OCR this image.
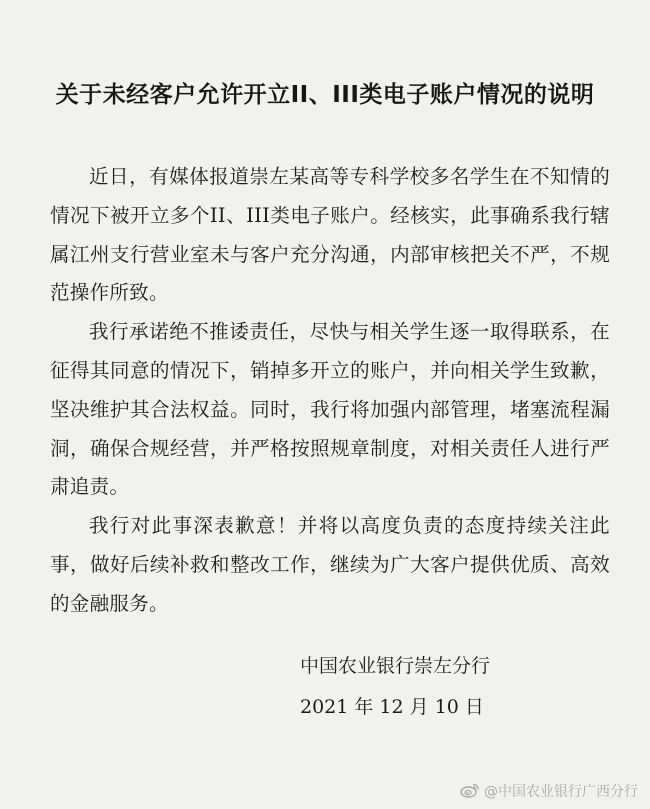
关于未经客户允许开立II、III类电子账户情况的说明

近日，有媒体报道崇左某高等专科学校多名学生在不知情的情况下被开立多个II、III类电子账户。经核实，此事确系我行辖属江州支行营业室未与客户充分沟通，内部审核把关不严，不规范操作所致。

我行承诺绝不推诿责任，尽快与相关学生逐一取得联系，在征得其同意的情况下，销掉多开立的账户，并向相关学生致歉，坚决维护其合法权益。同时，我行将加强内部管理，堵塞流程漏洞，确保合规经营，并严格按照规章制度，对相关责任人进行严肃追责。

我行对此事深表歉意！并将以高度负责的态度持续关注此事，做好后续补救和整改工作，继续为广大客户提供优质、高效的金融服务。

中国农业银行崇左分行
2021 年 12 月 10 日
@中国农业银行广西分行
